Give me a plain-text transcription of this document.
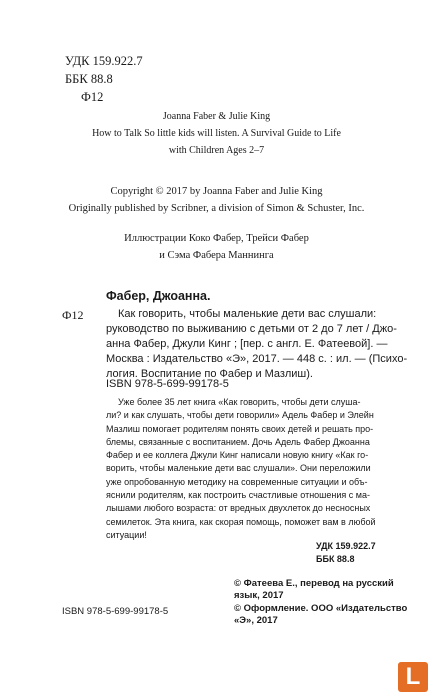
УДК 159.922.7
ББК 88.8
Ф12
Joanna Faber & Julie King
How to Talk So little kids will listen. A Survival Guide to Life
with Children Ages 2–7
Copyright © 2017 by Joanna Faber and Julie King
Originally published by Scribner, a division of Simon & Schuster, Inc.
Иллюстрации Коко Фабер, Трейси Фабер
и Сэма Фабера Маннинга
Ф12
Фабер, Джоанна.
Как говорить, чтобы маленькие дети вас слушали:
руководство по выживанию с детьми от 2 до 7 лет / Джо-
анна Фабер, Джули Кинг ; [пер. с англ. Е. Фатеевой]. —
Москва : Издательство «Э», 2017. — 448 с. : ил. — (Психо-
логия. Воспитание по Фабер и Мазлиш).
ISBN 978-5-699-99178-5
Уже более 35 лет книга «Как говорить, чтобы дети слуша-
ли? и как слушать, чтобы дети говорили» Адель Фабер и Элейн
Мазлиш помогает родителям понять своих детей и решать про-
блемы, связанные с воспитанием. Дочь Адель Фабер Джоанна
Фабер и ее коллега Джули Кинг написали новую книгу «Как го-
ворить, чтобы маленькие дети вас слушали». Они переложили
уже опробованную методику на современные ситуации и объ-
яснили родителям, как построить счастливые отношения с ма-
лышами любого возраста: от вредных двухлеток до несносных
семилеток. Эта книга, как скорая помощь, поможет вам в любой
ситуации!
УДК 159.922.7
ББК 88.8
© Фатеева Е., перевод на русский
язык, 2017
© Оформление. ООО «Издательство
«Э», 2017
ISBN 978-5-699-99178-5
L
